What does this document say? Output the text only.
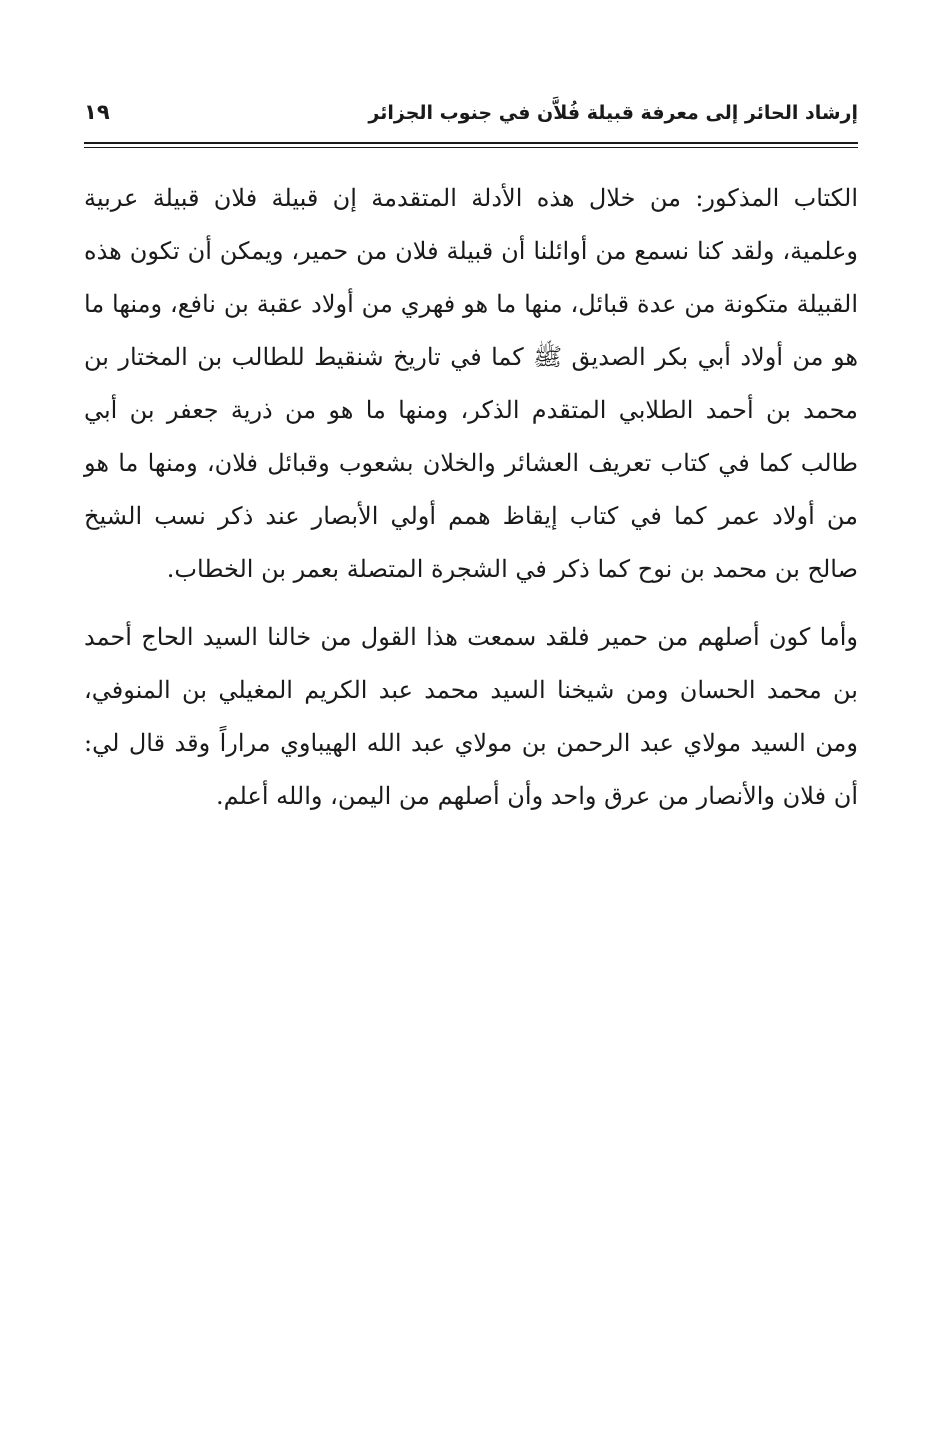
إرشاد الحائر إلى معرفة قبيلة فُلاَّن في جنوب الجزائر
١٩

الكتاب المذكور: من خلال هذه الأدلة المتقدمة إن قبيلة فلان قبيلة عربية وعلمية، ولقد كنا نسمع من أوائلنا أن قبيلة فلان من حمير، ويمكن أن تكون هذه القبيلة متكونة من عدة قبائل، منها ما هو فهري من أولاد عقبة بن نافع، ومنها ما هو من أولاد أبي بكر الصديق ﷺ كما في تاريخ شنقيط للطالب بن المختار بن محمد بن أحمد الطلابي المتقدم الذكر، ومنها ما هو من ذرية جعفر بن أبي طالب كما في كتاب تعريف العشائر والخلان بشعوب وقبائل فلان، ومنها ما هو من أولاد عمر كما في كتاب إيقاظ همم أولي الأبصار عند ذكر نسب الشيخ صالح بن محمد بن نوح كما ذكر في الشجرة المتصلة بعمر بن الخطاب.

وأما كون أصلهم من حمير فلقد سمعت هذا القول من خالنا السيد الحاج أحمد بن محمد الحسان ومن شيخنا السيد محمد عبد الكريم المغيلي بن المنوفي، ومن السيد مولاي عبد الرحمن بن مولاي عبد الله الهيباوي مراراً وقد قال لي: أن فلان والأنصار من عرق واحد وأن أصلهم من اليمن، والله أعلم.
